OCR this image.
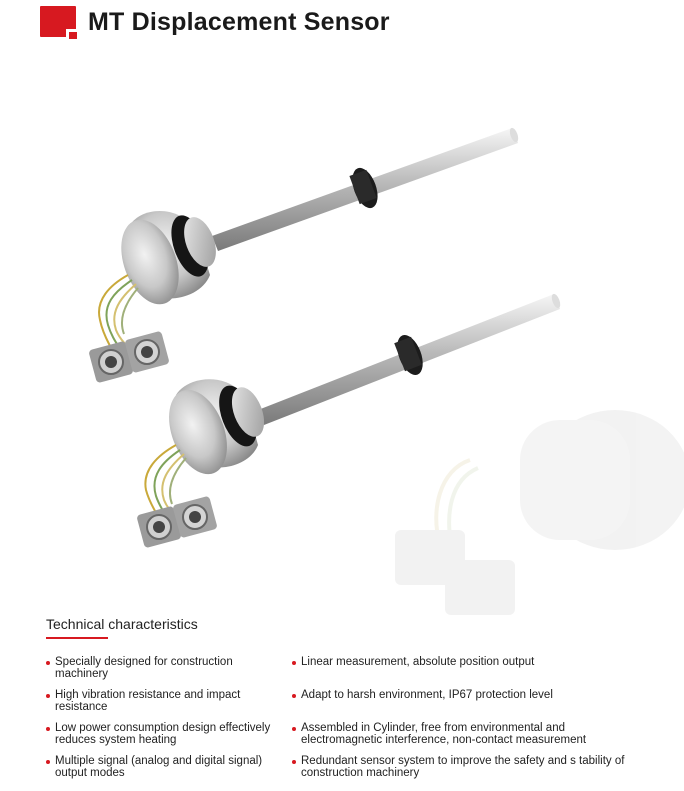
MT Displacement Sensor
Technical characteristics
Specially designed for construction machinery
High vibration resistance and impact resistance
Low power consumption design effectively reduces system heating
Multiple signal (analog and digital signal) output modes
Linear measurement, absolute position output
Adapt to harsh environment, IP67 protection level
Assembled in Cylinder, free from environmental and electromagnetic interference, non-contact measurement
Redundant sensor system to improve the safety and s tability of construction machinery
